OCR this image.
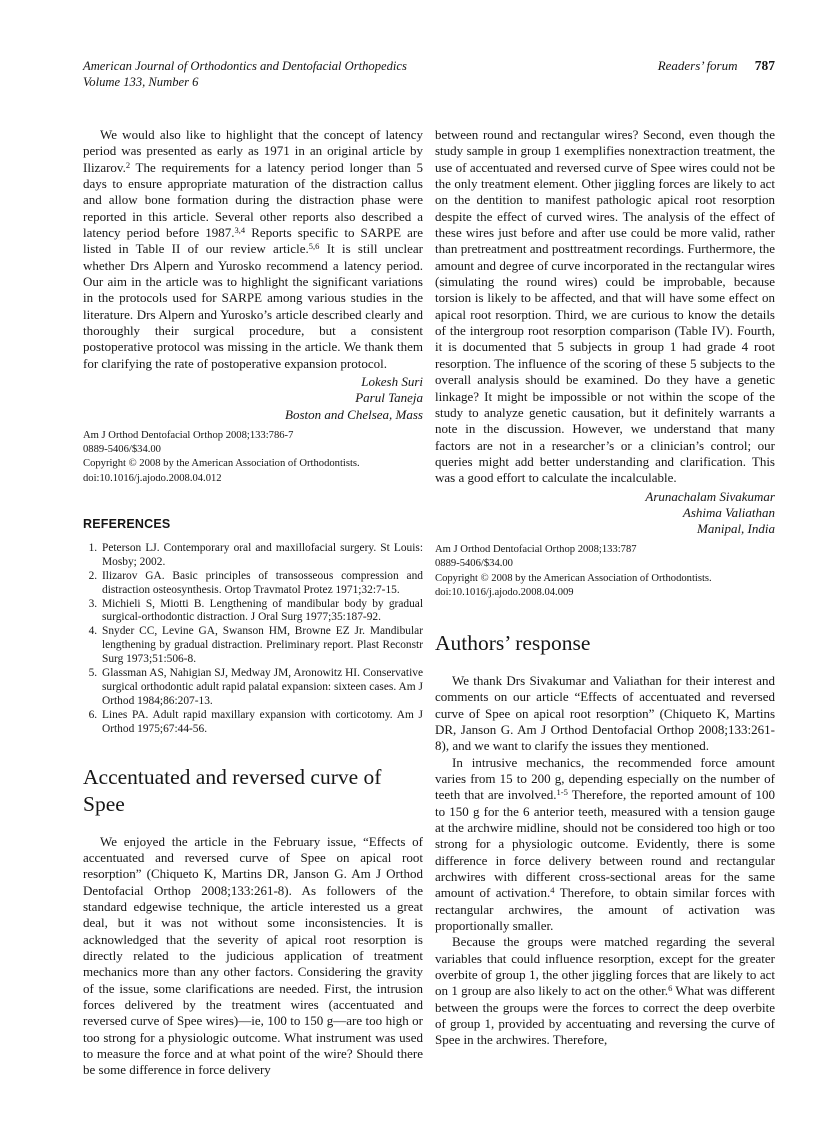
American Journal of Orthodontics and Dentofacial Orthopedics
Volume 133, Number 6
Readers’ forum 787

We would also like to highlight that the concept of latency period was presented as early as 1971 in an original article by Ilizarov.$^2$ The requirements for a latency period longer than 5 days to ensure appropriate maturation of the distraction callus and allow bone formation during the distraction phase were reported in this article. Several other reports also described a latency period before 1987.$^{3,4}$ Reports specific to SARPE are listed in Table II of our review article.$^{5,6}$ It is still unclear whether Drs Alpern and Yurosko recommend a latency period. Our aim in the article was to highlight the significant variations in the protocols used for SARPE among various studies in the literature. Drs Alpern and Yurosko’s article described clearly and thoroughly their surgical procedure, but a consistent postoperative protocol was missing in the article. We thank them for clarifying the rate of postoperative expansion protocol.

Lokesh Suri
Parul Taneja
Boston and Chelsea, Mass
Am J Orthod Dentofacial Orthop 2008;133:786-7
0889-5406/$34.00
Copyright © 2008 by the American Association of Orthodontists.
doi:10.1016/j.ajodo.2008.04.012
REFERENCES
1. Peterson LJ. Contemporary oral and maxillofacial surgery. St Louis: Mosby; 2002.
2. Ilizarov GA. Basic principles of transosseous compression and distraction osteosynthesis. Ortop Travmatol Protez 1971;32:7-15.
3. Michieli S, Miotti B. Lengthening of mandibular body by gradual surgical-orthodontic distraction. J Oral Surg 1977;35:187-92.
4. Snyder CC, Levine GA, Swanson HM, Browne EZ Jr. Mandibular lengthening by gradual distraction. Preliminary report. Plast Reconstr Surg 1973;51:506-8.
5. Glassman AS, Nahigian SJ, Medway JM, Aronowitz HI. Conservative surgical orthodontic adult rapid palatal expansion: sixteen cases. Am J Orthod 1984;86:207-13.
6. Lines PA. Adult rapid maxillary expansion with corticotomy. Am J Orthod 1975;67:44-56.
Accentuated and reversed curve of Spee

We enjoyed the article in the February issue, “Effects of accentuated and reversed curve of Spee on apical root resorption” (Chiqueto K, Martins DR, Janson G. Am J Orthod Dentofacial Orthop 2008;133:261-8). As followers of the standard edgewise technique, the article interested us a great deal, but it was not without some inconsistencies. It is acknowledged that the severity of apical root resorption is directly related to the judicious application of treatment mechanics more than any other factors. Considering the gravity of the issue, some clarifications are needed. First, the intrusion forces delivered by the treatment wires (accentuated and reversed curve of Spee wires)—ie, 100 to 150 g—are too high or too strong for a physiologic outcome. What instrument was used to measure the force and at what point of the wire? Should there be some difference in force delivery

between round and rectangular wires? Second, even though the study sample in group 1 exemplifies nonextraction treatment, the use of accentuated and reversed curve of Spee wires could not be the only treatment element. Other jiggling forces are likely to act on the dentition to manifest pathologic apical root resorption despite the effect of curved wires. The analysis of the effect of these wires just before and after use could be more valid, rather than pretreatment and posttreatment recordings. Furthermore, the amount and degree of curve incorporated in the rectangular wires (simulating the round wires) could be improbable, because torsion is likely to be affected, and that will have some effect on apical root resorption. Third, we are curious to know the details of the intergroup root resorption comparison (Table IV). Fourth, it is documented that 5 subjects in group 1 had grade 4 root resorption. The influence of the scoring of these 5 subjects to the overall analysis should be examined. Do they have a genetic linkage? It might be impossible or not within the scope of the study to analyze genetic causation, but it definitely warrants a note in the discussion. However, we understand that many factors are not in a researcher’s or a clinician’s control; our queries might add better understanding and clarification. This was a good effort to calculate the incalculable.

Arunachalam Sivakumar
Ashima Valiathan
Manipal, India
Am J Orthod Dentofacial Orthop 2008;133:787
0889-5406/$34.00
Copyright © 2008 by the American Association of Orthodontists.
doi:10.1016/j.ajodo.2008.04.009
Authors’ response

We thank Drs Sivakumar and Valiathan for their interest and comments on our article “Effects of accentuated and reversed curve of Spee on apical root resorption” (Chiqueto K, Martins DR, Janson G. Am J Orthod Dentofacial Orthop 2008;133:261-8), and we want to clarify the issues they mentioned.

In intrusive mechanics, the recommended force amount varies from 15 to 200 g, depending especially on the number of teeth that are involved.$^{1-5}$ Therefore, the reported amount of 100 to 150 g for the 6 anterior teeth, measured with a tension gauge at the archwire midline, should not be considered too high or too strong for a physiologic outcome. Evidently, there is some difference in force delivery between round and rectangular archwires with different cross-sectional areas for the same amount of activation.$^4$ Therefore, to obtain similar forces with rectangular archwires, the amount of activation was proportionally smaller.

Because the groups were matched regarding the several variables that could influence resorption, except for the greater overbite of group 1, the other jiggling forces that are likely to act on 1 group are also likely to act on the other.$^6$ What was different between the groups were the forces to correct the deep overbite of group 1, provided by accentuating and reversing the curve of Spee in the archwires. Therefore,
